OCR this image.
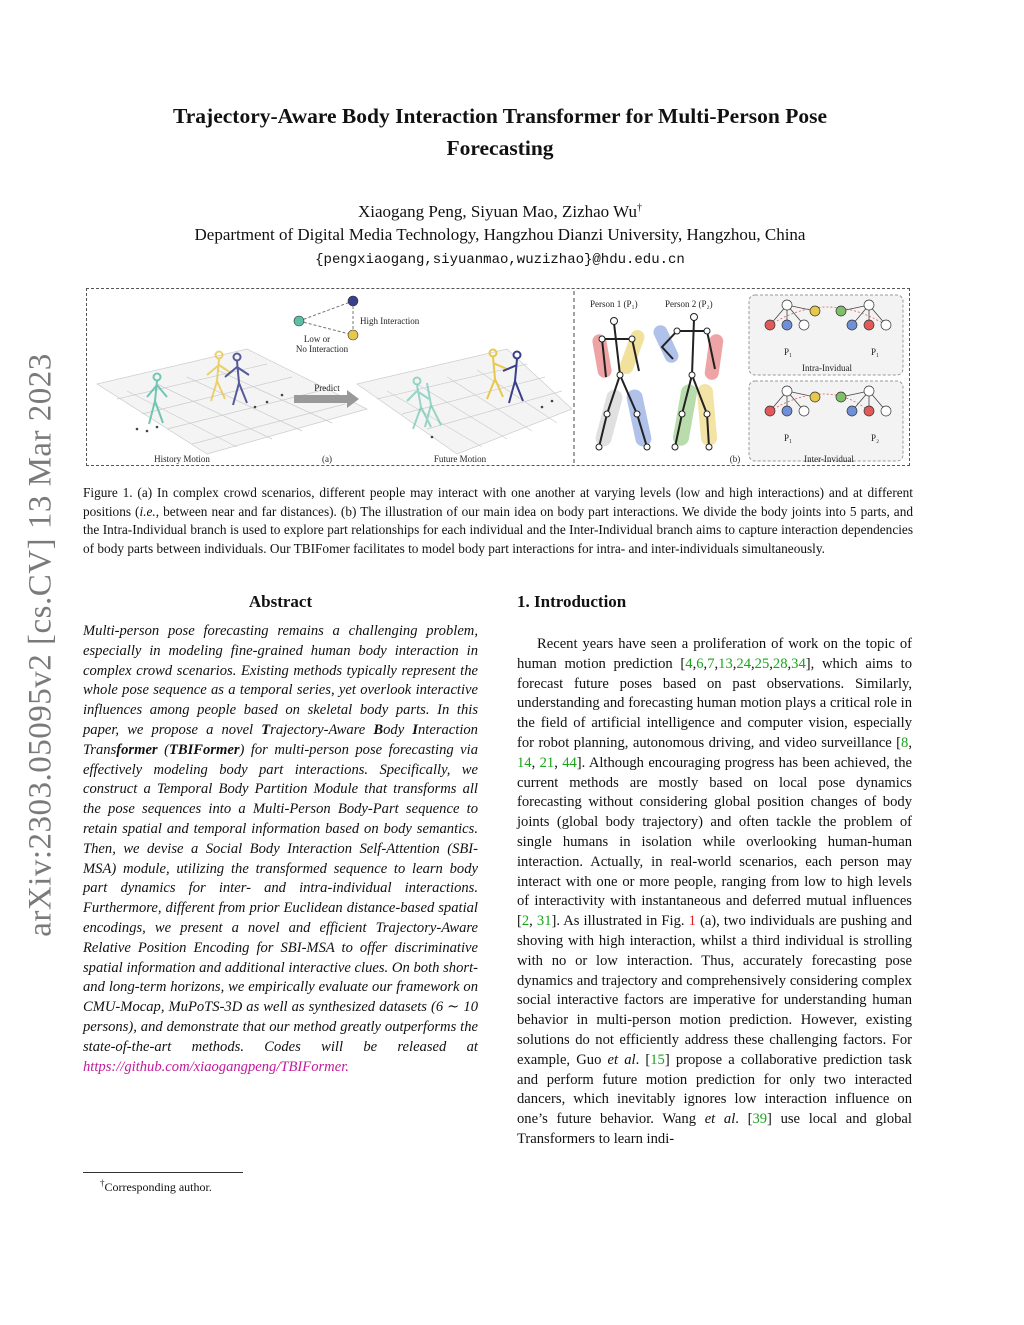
arXiv:2303.05095v2 [cs.CV] 13 Mar 2023
Trajectory-Aware Body Interaction Transformer for Multi-Person Pose
Forecasting
Xiaogang Peng, Siyuan Mao, Zizhao Wu†
Department of Digital Media Technology, Hangzhou Dianzi University, Hangzhou, China
{pengxiaogang,siyuanmao,wuzizhao}@hdu.edu.cn
High Interaction
Low or
No Interaction
Predict
History Motion	(a)	Future Motion
Person 1 (P₁)	Person 2 (P₂)
P₁	P₁
Intra-Invidual
P₁	P₂
(b)	Inter-Invidual
Figure 1. (a) In complex crowd scenarios, different people may interact with one another at varying levels (low and high interactions) and at different positions (i.e., between near and far distances). (b) The illustration of our main idea on body part interactions. We divide the body joints into 5 parts, and the Intra-Individual branch is used to explore part relationships for each individual and the Inter-Individual branch aims to capture interaction dependencies of body parts between individuals. Our TBIFomer facilitates to model body part interactions for intra- and inter-individuals simultaneously.
Abstract
Multi-person pose forecasting remains a challenging problem, especially in modeling fine-grained human body interaction in complex crowd scenarios. Existing methods typically represent the whole pose sequence as a temporal series, yet overlook interactive influences among people based on skeletal body parts. In this paper, we propose a novel Trajectory-Aware Body Interaction Transformer (TBIFormer) for multi-person pose forecasting via effectively modeling body part interactions. Specifically, we construct a Temporal Body Partition Module that transforms all the pose sequences into a Multi-Person Body-Part sequence to retain spatial and temporal information based on body semantics. Then, we devise a Social Body Interaction Self-Attention (SBI-MSA) module, utilizing the transformed sequence to learn body part dynamics for inter- and intra-individual interactions. Furthermore, different from prior Euclidean distance-based spatial encodings, we present a novel and efficient Trajectory-Aware Relative Position Encoding for SBI-MSA to offer discriminative spatial information and additional interactive clues. On both short- and long-term horizons, we empirically evaluate our framework on CMU-Mocap, MuPoTS-3D as well as synthesized datasets (6 ∼ 10 persons), and demonstrate that our method greatly outperforms the state-of-the-art methods. Codes will be released at https://github.com/xiaogangpeng/TBIFormer.
1. Introduction
Recent years have seen a proliferation of work on the topic of human motion prediction [4,6,7,13,24,25,28,34], which aims to forecast future poses based on past observations. Similarly, understanding and forecasting human motion plays a critical role in the field of artificial intelligence and computer vision, especially for robot planning, autonomous driving, and video surveillance [8, 14, 21, 44]. Although encouraging progress has been achieved, the current methods are mostly based on local pose dynamics forecasting without considering global position changes of body joints (global body trajectory) and often tackle the problem of single humans in isolation while overlooking human-human interaction. Actually, in real-world scenarios, each person may interact with one or more people, ranging from low to high levels of interactivity with instantaneous and deferred mutual influences [2, 31]. As illustrated in Fig. 1 (a), two individuals are pushing and shoving with high interaction, whilst a third individual is strolling with no or low interaction. Thus, accurately forecasting pose dynamics and trajectory and comprehensively considering complex social interactive factors are imperative for understanding human behavior in multi-person motion prediction. However, existing solutions do not efficiently address these challenging factors. For example, Guo et al. [15] propose a collaborative prediction task and perform future motion prediction for only two interacted dancers, which inevitably ignores low interaction influence on one’s future behavior. Wang et al. [39] use local and global Transformers to learn indi-
†Corresponding author.
